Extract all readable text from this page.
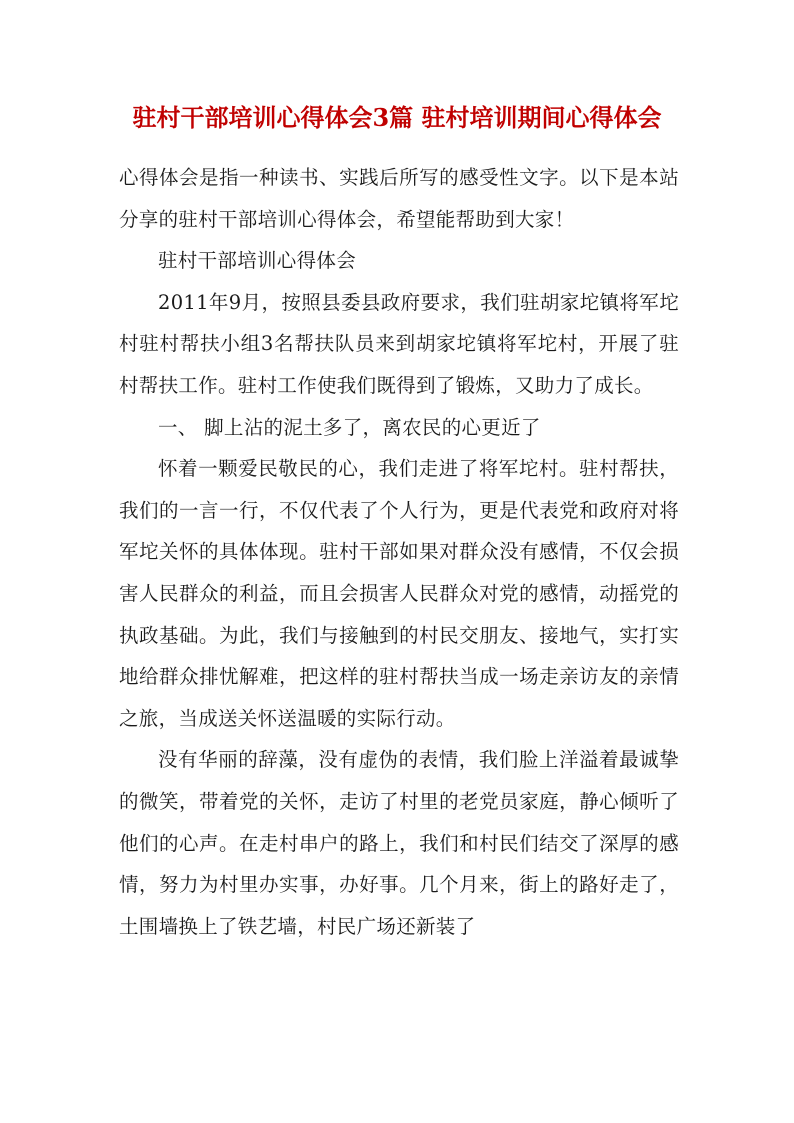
驻村干部培训心得体会3篇 驻村培训期间心得体会

心得体会是指一种读书、实践后所写的感受性文字。以下是本站分享的驻村干部培训心得体会，希望能帮助到大家！

驻村干部培训心得体会

2011年9月，按照县委县政府要求，我们驻胡家坨镇将军坨村驻村帮扶小组3名帮扶队员来到胡家坨镇将军坨村，开展了驻村帮扶工作。驻村工作使我们既得到了锻炼，又助力了成长。

一、 脚上沾的泥土多了，离农民的心更近了

怀着一颗爱民敬民的心，我们走进了将军坨村。驻村帮扶，我们的一言一行，不仅代表了个人行为，更是代表党和政府对将军坨关怀的具体体现。驻村干部如果对群众没有感情，不仅会损害人民群众的利益，而且会损害人民群众对党的感情，动摇党的执政基础。为此，我们与接触到的村民交朋友、接地气，实打实地给群众排忧解难，把这样的驻村帮扶当成一场走亲访友的亲情之旅，当成送关怀送温暖的实际行动。

没有华丽的辞藻，没有虚伪的表情，我们脸上洋溢着最诚挚的微笑，带着党的关怀，走访了村里的老党员家庭，静心倾听了他们的心声。在走村串户的路上，我们和村民们结交了深厚的感情，努力为村里办实事，办好事。几个月来，街上的路好走了，土围墙换上了铁艺墙，村民广场还新装了
